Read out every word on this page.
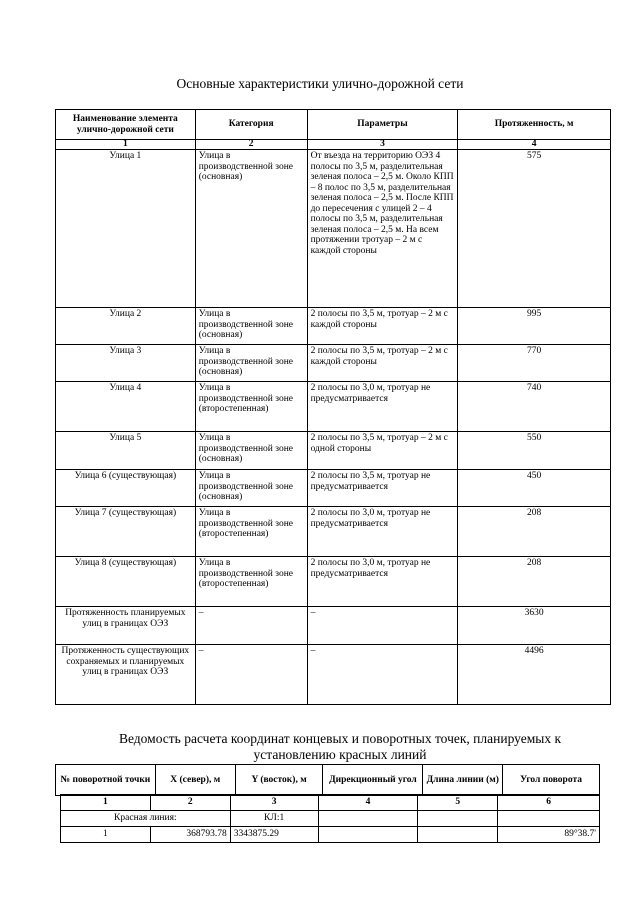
Основные характеристики улично-дорожной сети
Наименование элемента улично-дорожной сети	Категория	Параметры	Протяженность, м
1	2	3	4
Улица 1	Улица в производственной зоне (основная)	От въезда на территорию ОЭЗ 4 полосы по 3,5 м, разделительная зеленая полоса – 2,5 м. Около КПП – 8 полос по 3,5 м, разделительная зеленая полоса – 2,5 м. После КПП до пересечения с улицей 2 – 4 полосы по 3,5 м, разделительная зеленая полоса – 2,5 м. На всем протяжении тротуар – 2 м с каждой стороны	575
Улица 2	Улица в производственной зоне (основная)	2 полосы по 3,5 м, тротуар – 2 м с каждой стороны	995
Улица 3	Улица в производственной зоне (основная)	2 полосы по 3,5 м, тротуар – 2 м с каждой стороны	770
Улица 4	Улица в производственной зоне (второстепенная)	2 полосы по 3,0 м, тротуар не предусматривается	740
Улица 5	Улица в производственной зоне (основная)	2 полосы по 3,5 м, тротуар – 2 м с одной стороны	550
Улица 6 (существующая)	Улица в производственной зоне (основная)	2 полосы по 3,5 м, тротуар не предусматривается	450
Улица 7 (существующая)	Улица в производственной зоне (второстепенная)	2 полосы по 3,0 м, тротуар не предусматривается	208
Улица 8 (существующая)	Улица в производственной зоне (второстепенная)	2 полосы по 3,0 м, тротуар не предусматривается	208
Протяженность планируемых улиц в границах ОЭЗ	–	–	3630
Протяженность существующих сохраняемых и планируемых улиц в границах ОЭЗ	–	–	4496
Ведомость расчета координат концевых и поворотных точек, планируемых к установлению красных линий
№ поворотной точки	X (север), м	Y (восток), м	Дирекционный угол	Длина линии (м)	Угол поворота
1	2	3	4	5	6
Красная линия:		КЛ:1			
1	368793.78	3343875.29			89°38.7'
